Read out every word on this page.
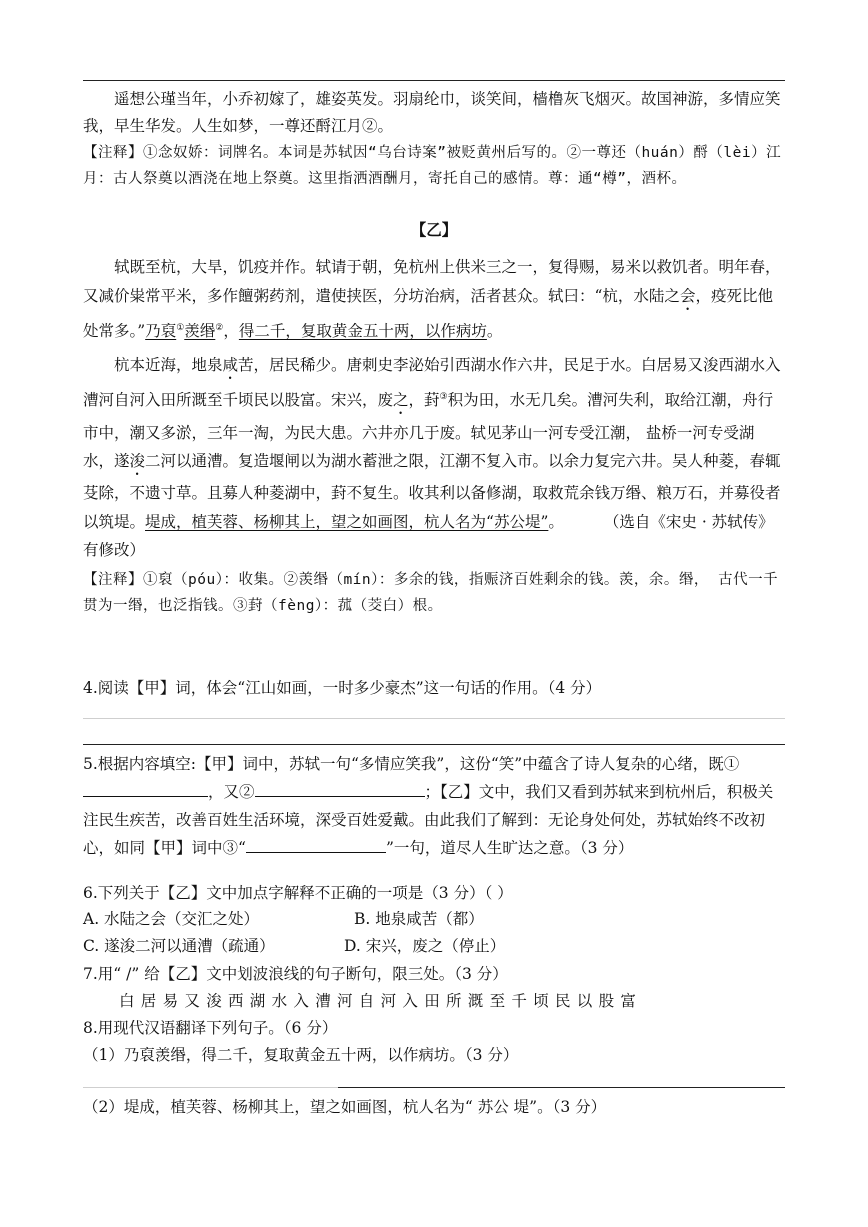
遥想公瑾当年，小乔初嫁了，雄姿英发。羽扇纶巾，谈笑间，樯橹灰飞烟灭。故国神游，多情应笑我，早生华发。人生如梦，一尊还酹江月②。

【注释】①念奴娇：词牌名。本词是苏轼因“乌台诗案”被贬黄州后写的。②一尊还（huán）酹（lèi）江月：古人祭奠以酒浇在地上祭奠。这里指洒酒酬月，寄托自己的感情。尊：通“樽”，酒杯。

【乙】

轼既至杭，大旱，饥疫并作。轼请于朝，免杭州上供米三之一，复得赐，易米以救饥者。明年春，又减价粜常平米，多作饘粥药剂，遣使挟医，分坊治病，活者甚众。轼曰：“杭，水陆之会，疫死比他处常多。”乃裒①羡缗②，得二千，复取黄金五十两，以作病坊。

杭本近海，地泉咸苦，居民稀少。唐刺史李泌始引西湖水作六井，民足于水。白居易又浚西湖水入漕河自河入田所溉至千顷民以股富。宋兴，废之，葑③积为田，水无几矣。漕河失利，取给江潮，舟行市中，潮又多淤，三年一淘，为民大患。六井亦几于废。轼见茅山一河专受江潮， 盐桥一河专受湖水，遂浚二河以通漕。复造堰闸以为湖水蓄泄之限，江潮不复入市。以余力复完六井。吴人种菱，春辄芟除，不遗寸草。且募人种菱湖中，葑不复生。收其利以备修湖，取救荒余钱万缗、粮万石，并募役者以筑堤。堤成，植芙蓉、杨柳其上，望之如画图，杭人名为“苏公堤”。	（选自《宋史 · 苏轼传》 有修改）

【注释】①裒（póu）：收集。②羡缗（mín）：多余的钱，指赈济百姓剩余的钱。羡，余。缗， 古代一千贯为一缗，也泛指钱。③葑（fèng）：菰（茭白）根。

4.阅读【甲】词，体会“江山如画，一时多少豪杰”这一句话的作用。（4 分）

5.根据内容填空:【甲】词中，苏轼一句“多情应笑我”，这份“笑”中蕴含了诗人复杂的心绪，既①，又②	；【乙】文中，我们又看到苏轼来到杭州后，积极关注民生疾苦，改善百姓生活环境，深受百姓爱戴。由此我们了解到：无论身处何处，苏轼始终不改初心，如同【甲】词中③“	”一句，道尽人生旷达之意。（3 分）

6.下列关于【乙】文中加点字解释不正确的一项是（3 分）（ ）

A. 水陆之会（交汇之处）	B. 地泉咸苦（都）
C. 遂浚二河以通漕（疏通）	D. 宋兴，废之（停止）

7.用“ /” 给【乙】文中划波浪线的句子断句，限三处。（3 分）

白居易又浚西湖水入漕河自河入田所溉至千顷民以股富

8.用现代汉语翻译下列句子。（6 分）

（1）乃裒羡缗，得二千，复取黄金五十两，以作病坊。（3 分）

（2）堤成，植芙蓉、杨柳其上，望之如画图，杭人名为“ 苏公 堤”。（3 分）
